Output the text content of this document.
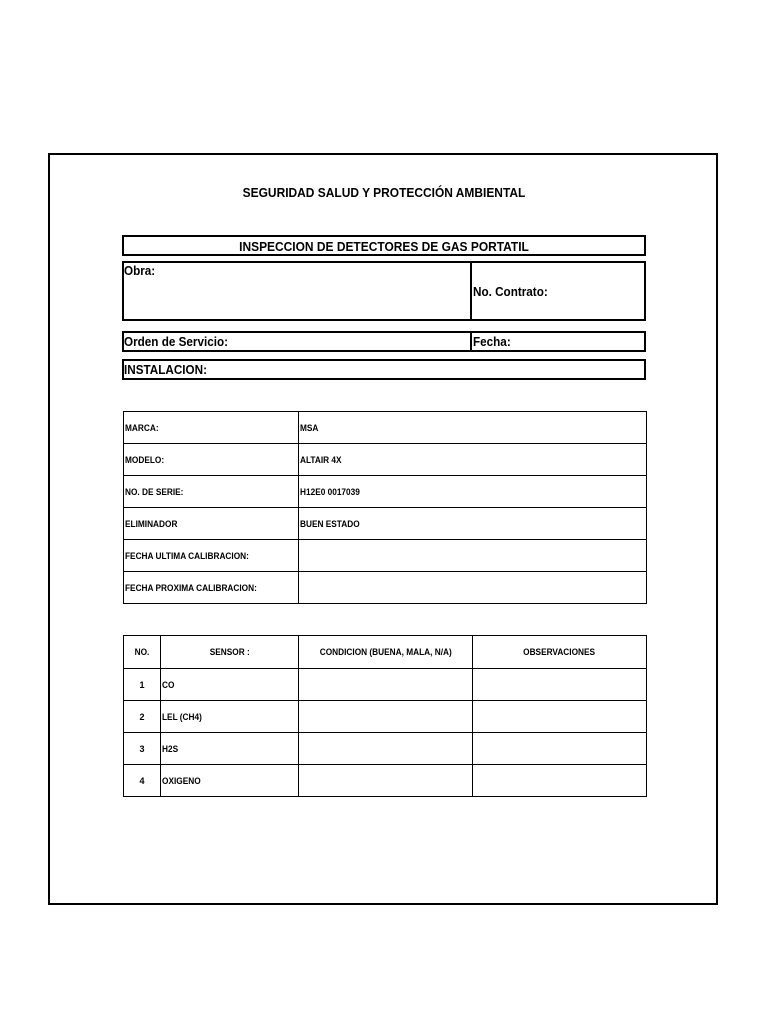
SEGURIDAD SALUD Y PROTECCIÓN AMBIENTAL
INSPECCION DE DETECTORES DE GAS PORTATIL
Obra:
No. Contrato:
Orden de Servicio:	Fecha:
INSTALACION:
MARCA:	MSA
MODELO:	ALTAIR 4X
NO. DE SERIE:	H12E0 0017039
ELIMINADOR	BUEN ESTADO
FECHA ULTIMA CALIBRACION:	
FECHA PROXIMA CALIBRACION:	
NO.	SENSOR :	CONDICION (BUENA, MALA, N/A)	OBSERVACIONES
1	CO		
2	LEL (CH4)		
3	H2S		
4	OXIGENO		
